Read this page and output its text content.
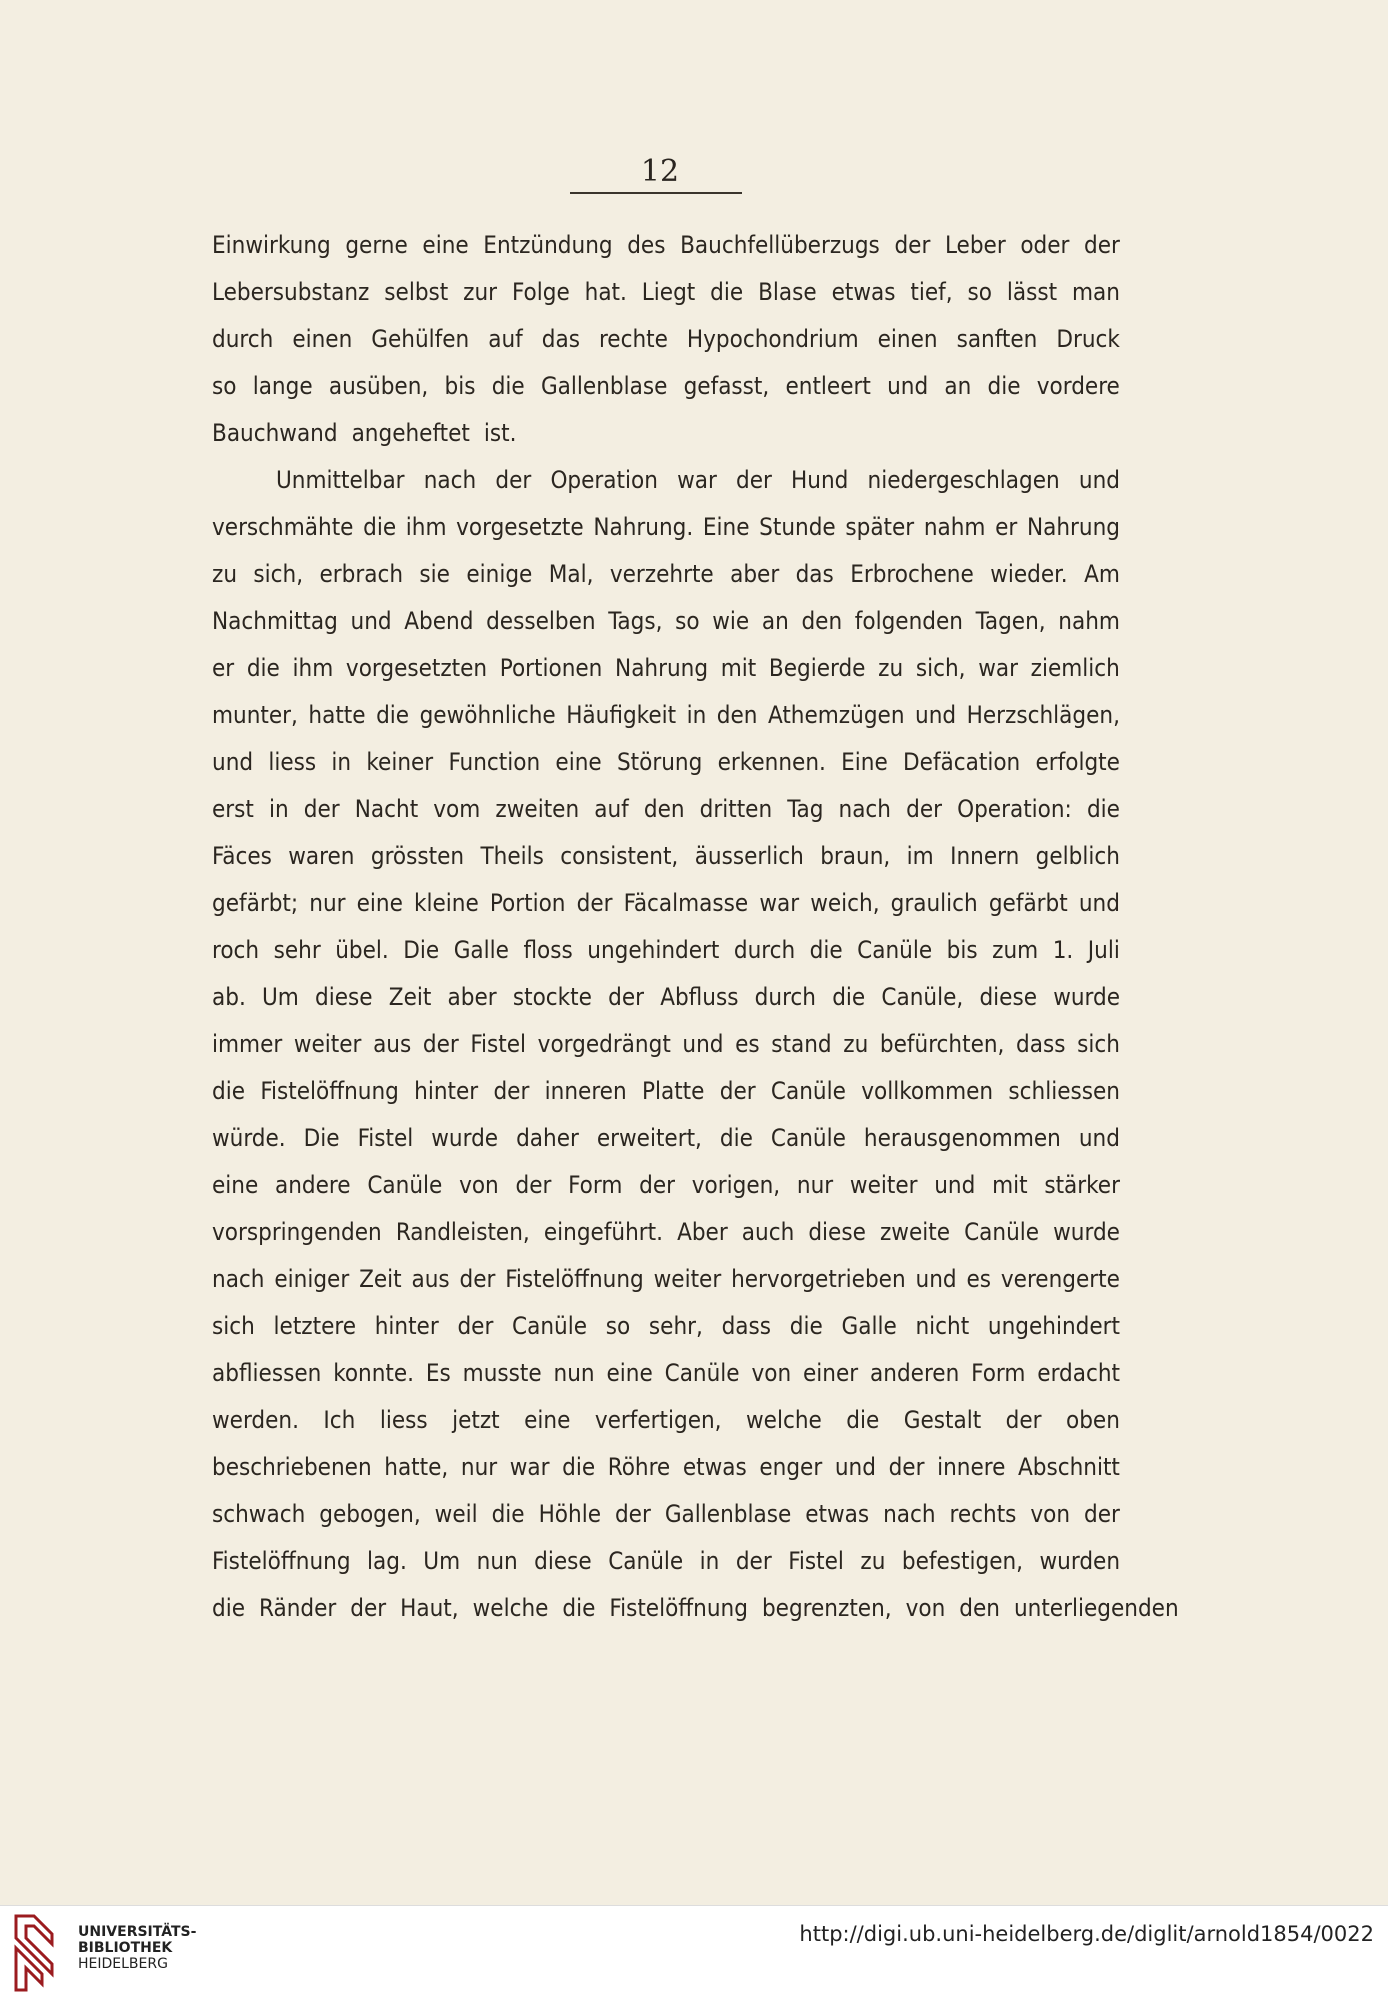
12
Einwirkung gerne eine Entzündung des Bauchfellüberzugs der Leber oder der
Lebersubstanz selbst zur Folge hat. Liegt die Blase etwas tief, so lässt man
durch einen Gehülfen auf das rechte Hypochondrium einen sanften Druck
so lange ausüben, bis die Gallenblase gefasst, entleert und an die vordere
Bauchwand angeheftet ist.
Unmittelbar nach der Operation war der Hund niedergeschlagen und
verschmähte die ihm vorgesetzte Nahrung. Eine Stunde später nahm er Nahrung
zu sich, erbrach sie einige Mal, verzehrte aber das Erbrochene wieder. Am
Nachmittag und Abend desselben Tags, so wie an den folgenden Tagen, nahm
er die ihm vorgesetzten Portionen Nahrung mit Begierde zu sich, war ziemlich
munter, hatte die gewöhnliche Häufigkeit in den Athemzügen und Herzschlägen,
und liess in keiner Function eine Störung erkennen. Eine Defäcation erfolgte
erst in der Nacht vom zweiten auf den dritten Tag nach der Operation: die
Fäces waren grössten Theils consistent, äusserlich braun, im Innern gelblich
gefärbt; nur eine kleine Portion der Fäcalmasse war weich, graulich gefärbt und
roch sehr übel. Die Galle floss ungehindert durch die Canüle bis zum 1. Juli
ab. Um diese Zeit aber stockte der Abfluss durch die Canüle, diese wurde
immer weiter aus der Fistel vorgedrängt und es stand zu befürchten, dass sich
die Fistelöffnung hinter der inneren Platte der Canüle vollkommen schliessen
würde. Die Fistel wurde daher erweitert, die Canüle herausgenommen und
eine andere Canüle von der Form der vorigen, nur weiter und mit stärker
vorspringenden Randleisten, eingeführt. Aber auch diese zweite Canüle wurde
nach einiger Zeit aus der Fistelöffnung weiter hervorgetrieben und es verengerte
sich letztere hinter der Canüle so sehr, dass die Galle nicht ungehindert
abfliessen konnte. Es musste nun eine Canüle von einer anderen Form erdacht
werden. Ich liess jetzt eine verfertigen, welche die Gestalt der oben
beschriebenen hatte, nur war die Röhre etwas enger und der innere Abschnitt
schwach gebogen, weil die Höhle der Gallenblase etwas nach rechts von der
Fistelöffnung lag. Um nun diese Canüle in der Fistel zu befestigen, wurden
die Ränder der Haut, welche die Fistelöffnung begrenzten, von den unterliegenden
UNIVERSITÄTS-
BIBLIOTHEK
HEIDELBERG
http://digi.ub.uni-heidelberg.de/diglit/arnold1854/0022
